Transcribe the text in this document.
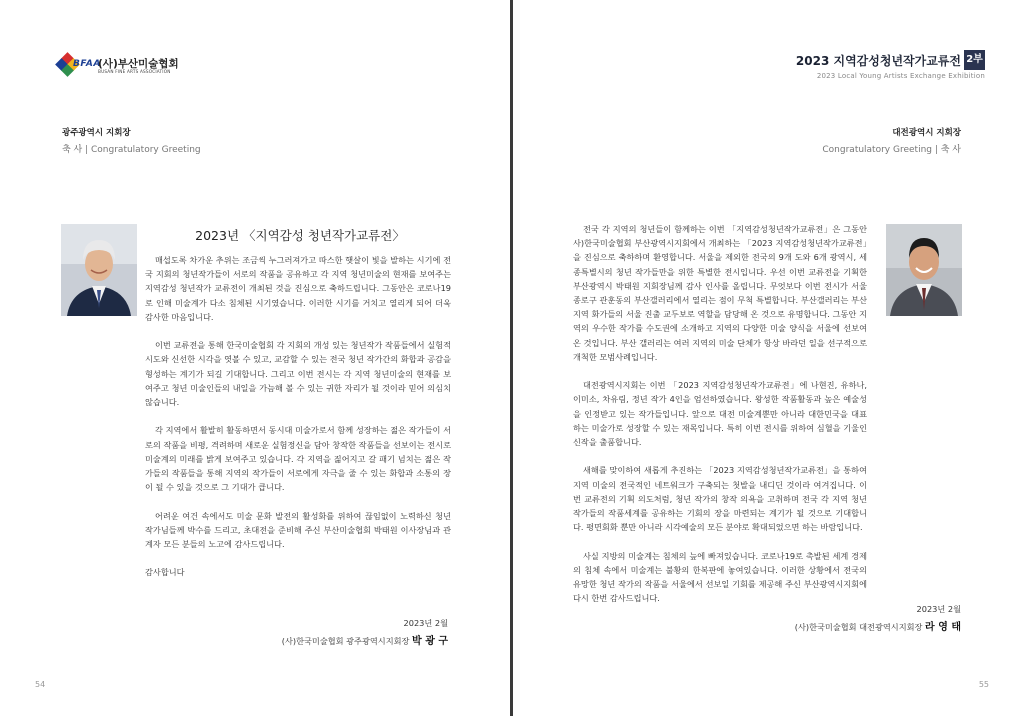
BFAA
(사)부산미술협회
BUSAN FINE ARTS ASSOCIATION
광주광역시 지회장
축 사 | Congratulatory Greeting
2023년 〈지역감성 청년작가교류전〉

매섭도록 차가운 추위는 조금씩 누그러져가고 따스한 햇살이 빛을 발하는 시기에 전국 지회의 청년작가들이 서로의 작품을 공유하고 각 지역 청년미술의 현재를 보여주는 지역감성 청년작가 교류전이 개최된 것을 진심으로 축하드립니다. 그동안은 코로나19로 인해 미술계가 다소 침체된 시기였습니다. 이러한 시기를 거치고 열리게 되어 더욱 감사한 마음입니다.

이번 교류전을 통해 한국미술협회 각 지회의 개성 있는 청년작가 작품들에서 실험적 시도와 신선한 시각을 엿볼 수 있고, 교감할 수 있는 전국 청년 작가간의 화합과 공감을 형성하는 계기가 되길 기대합니다. 그리고 이번 전시는 각 지역 청년미술의 현재를 보여주고 청년 미술인들의 내일을 가늠해 볼 수 있는 귀한 자리가 될 것이라 믿어 의심치 않습니다.

각 지역에서 활발히 활동하면서 동시대 미술가로서 함께 성장하는 젊은 작가들이 서로의 작품을 비평, 격려하며 새로운 실험정신을 담아 창작한 작품들을 선보이는 전시로 미술계의 미래를 밝게 보여주고 있습니다. 각 지역을 짊어지고 갈 패기 넘치는 젊은 작가들의 작품들을 통해 지역의 작가들이 서로에게 자극을 줄 수 있는 화합과 소통의 장이 될 수 있을 것으로 그 기대가 큽니다.

어려운 여건 속에서도 미술 문화 발전의 활성화를 위하여 끊임없이 노력하신 청년 작가님들께 박수를 드리고, 초대전을 준비해 주신 부산미술협회 박태원 이사장님과 관계자 모든 분들의 노고에 감사드립니다.

감사합니다

2023년 2월
(사)한국미술협회 광주광역시지회장 박 광 구
54
2023 지역감성청년작가교류전 2부
2023 Local Young Artists Exchange Exhibition
대전광역시 지회장
Congratulatory Greeting | 축 사

전국 각 지역의 청년들이 함께하는 이번 「지역감성청년작가교류전」은 그동안 사)한국미술협회 부산광역시지회에서 개최하는 「2023 지역감성청년작가교류전」을 진심으로 축하하며 환영합니다. 서울을 제외한 전국의 9개 도와 6개 광역시, 세종특별시의 청년 작가들만을 위한 특별한 전시입니다. 우선 이번 교류전을 기획한 부산광역시 박태원 지회장님께 감사 인사를 올립니다. 무엇보다 이번 전시가 서울 종로구 관훈동의 부산갤러리에서 열리는 점이 무척 특별합니다. 부산갤러리는 부산 지역 화가들의 서울 진출 교두보로 역할을 담당해 온 것으로 유명합니다. 그동안 지역의 우수한 작가를 수도권에 소개하고 지역의 다양한 미술 양식을 서울에 선보여 온 것입니다. 부산 갤러리는 여러 지역의 미술 단체가 항상 바라던 일을 선구적으로 개척한 모범사례입니다.

대전광역시지회는 이번 「2023 지역감성청년작가교류전」에 나현진, 유하나, 이미소, 차유림, 정년 작가 4인을 엄선하였습니다. 왕성한 작품활동과 높은 예술성을 인정받고 있는 작가들입니다. 앞으로 대전 미술계뿐만 아니라 대한민국을 대표하는 미술가로 성장할 수 있는 재목입니다. 특히 이번 전시를 위하여 심혈을 기울인 신작을 출품합니다.

새해를 맞이하여 새롭게 추진하는 「2023 지역감성청년작가교류전」을 통하여 지역 미술의 전국적인 네트워크가 구축되는 첫발을 내디딘 것이라 여겨집니다. 이번 교류전의 기획 의도처럼, 청년 작가의 창작 의욕을 고취하며 전국 각 지역 청년작가들의 작품세계를 공유하는 기회의 장을 마련되는 계기가 될 것으로 기대합니다. 평면회화 뿐만 아니라 시각예술의 모든 분야로 확대되었으면 하는 바람입니다.

사실 지방의 미술계는 침체의 늪에 빠져있습니다. 코로나19로 촉발된 세계 경제의 침체 속에서 미술계는 불황의 한복판에 놓여있습니다. 이러한 상황에서 전국의 유망한 청년 작가의 작품을 서울에서 선보일 기회를 제공해 주신 부산광역시지회에 다시 한번 감사드립니다.

2023년 2월
(사)한국미술협회 대전광역시지회장 라 영 태
55
